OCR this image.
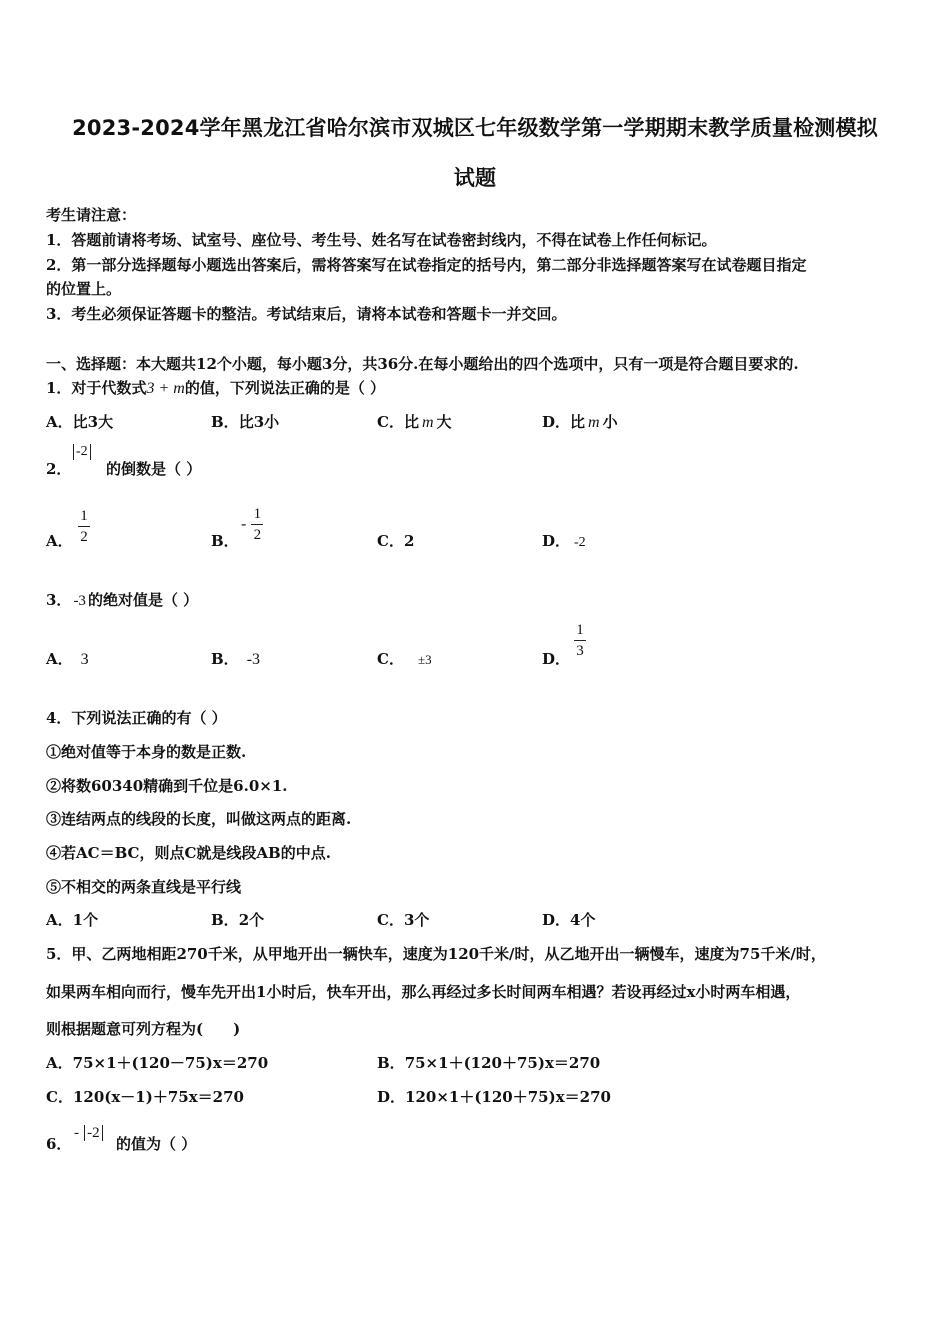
2023-2024学年黑龙江省哈尔滨市双城区七年级数学第一学期期末教学质量检测模拟
试题
考生请注意：
1．答题前请将考场、试室号、座位号、考生号、姓名写在试卷密封线内，不得在试卷上作任何标记。
2．第一部分选择题每小题选出答案后，需将答案写在试卷指定的括号内，第二部分非选择题答案写在试卷题目指定
的位置上。
3．考生必须保证答题卡的整洁。考试结束后，请将本试卷和答题卡一并交回。
一、选择题：本大题共12个小题，每小题3分，共36分.在每小题给出的四个选项中，只有一项是符合题目要求的.
1．对于代数式3 + m的值，下列说法正确的是（ ）
A．比3大	B．比3小	C．比 m 大	D．比 m 小
2．
-2
的倒数是（ ）
A． $\frac{1}{2}$	B．
- $\frac{1}{2}$	C．2	D． -2
3． -3 的绝对值是（ ）
A． 3	B． -3	C． ±3	D． $\frac{1}{3}$
4．下列说法正确的有（ ）
①绝对值等于本身的数是正数.
②将数60340精确到千位是6.0×1.
③连结两点的线段的长度，叫做这两点的距离.
④若AC＝BC，则点C就是线段AB的中点.
⑤不相交的两条直线是平行线
A．1个	B．2个	C．3个	D．4个
5．甲、乙两地相距270千米，从甲地开出一辆快车，速度为120千米/时，从乙地开出一辆慢车，速度为75千米/时，
如果两车相向而行，慢车先开出1小时后，快车开出，那么再经过多长时间两车相遇？若设再经过x小时两车相遇，
则根据题意可列方程为(　　)
A．75×1＋(120－75)x＝270	B．75×1＋(120＋75)x＝270
C．120(x－1)＋75x＝270	D．120×1＋(120＋75)x＝270
6．
- -2
的值为（ ）
